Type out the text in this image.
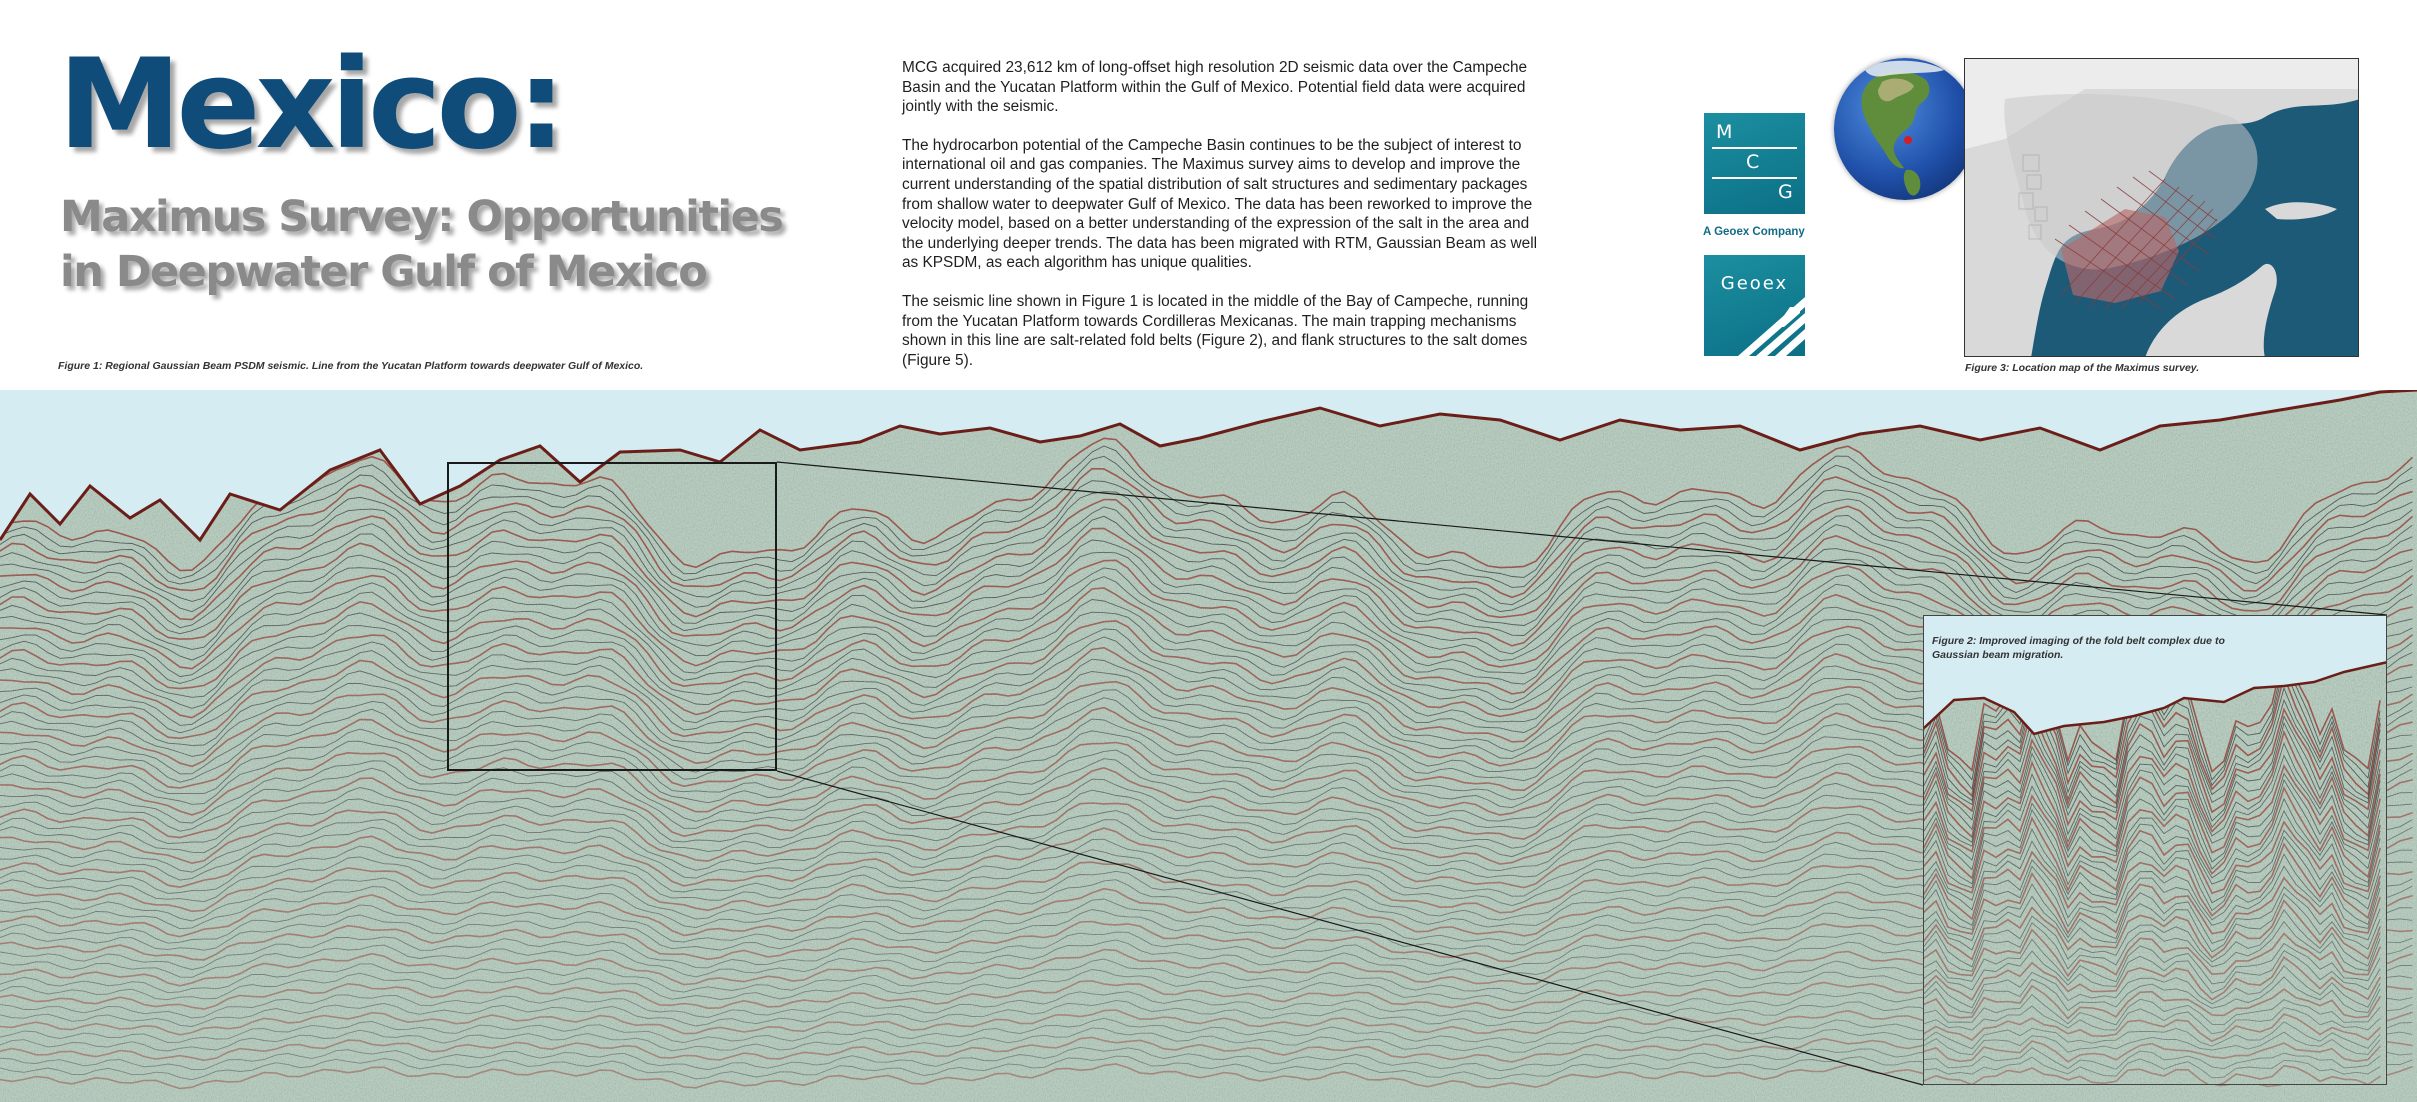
Mexico:
Maximus Survey: Opportunities
in Deepwater Gulf of Mexico

Figure 1: Regional Gaussian Beam PSDM seismic. Line from the Yucatan Platform towards deepwater Gulf of Mexico.

MCG acquired 23,612 km of long-offset high resolution 2D seismic data over the Campeche Basin and the Yucatan Platform within the Gulf of Mexico. Potential field data were acquired jointly with the seismic.

The hydrocarbon potential of the Campeche Basin continues to be the subject of interest to international oil and gas companies. The Maximus survey aims to develop and improve the current understanding of the spatial distribution of salt structures and sedimentary packages from shallow water to deepwater Gulf of Mexico. The data has been reworked to improve the velocity model, based on a better understanding of the expression of the salt in the area and the underlying deeper trends. The data has been migrated with RTM, Gaussian Beam as well as KPSDM, as each algorithm has unique qualities.

The seismic line shown in Figure 1 is located in the middle of the Bay of Campeche, running from the Yucatan Platform towards Cordilleras Mexicanas. The main trapping mechanisms shown in this line are salt-related fold belts (Figure 2), and flank structures to the salt domes (Figure 5).

M
C
G
A Geoex Company
Geoex

Figure 3: Location map of the Maximus survey.

Figure 2: Improved imaging of the fold belt complex due to
Gaussian beam migration.
